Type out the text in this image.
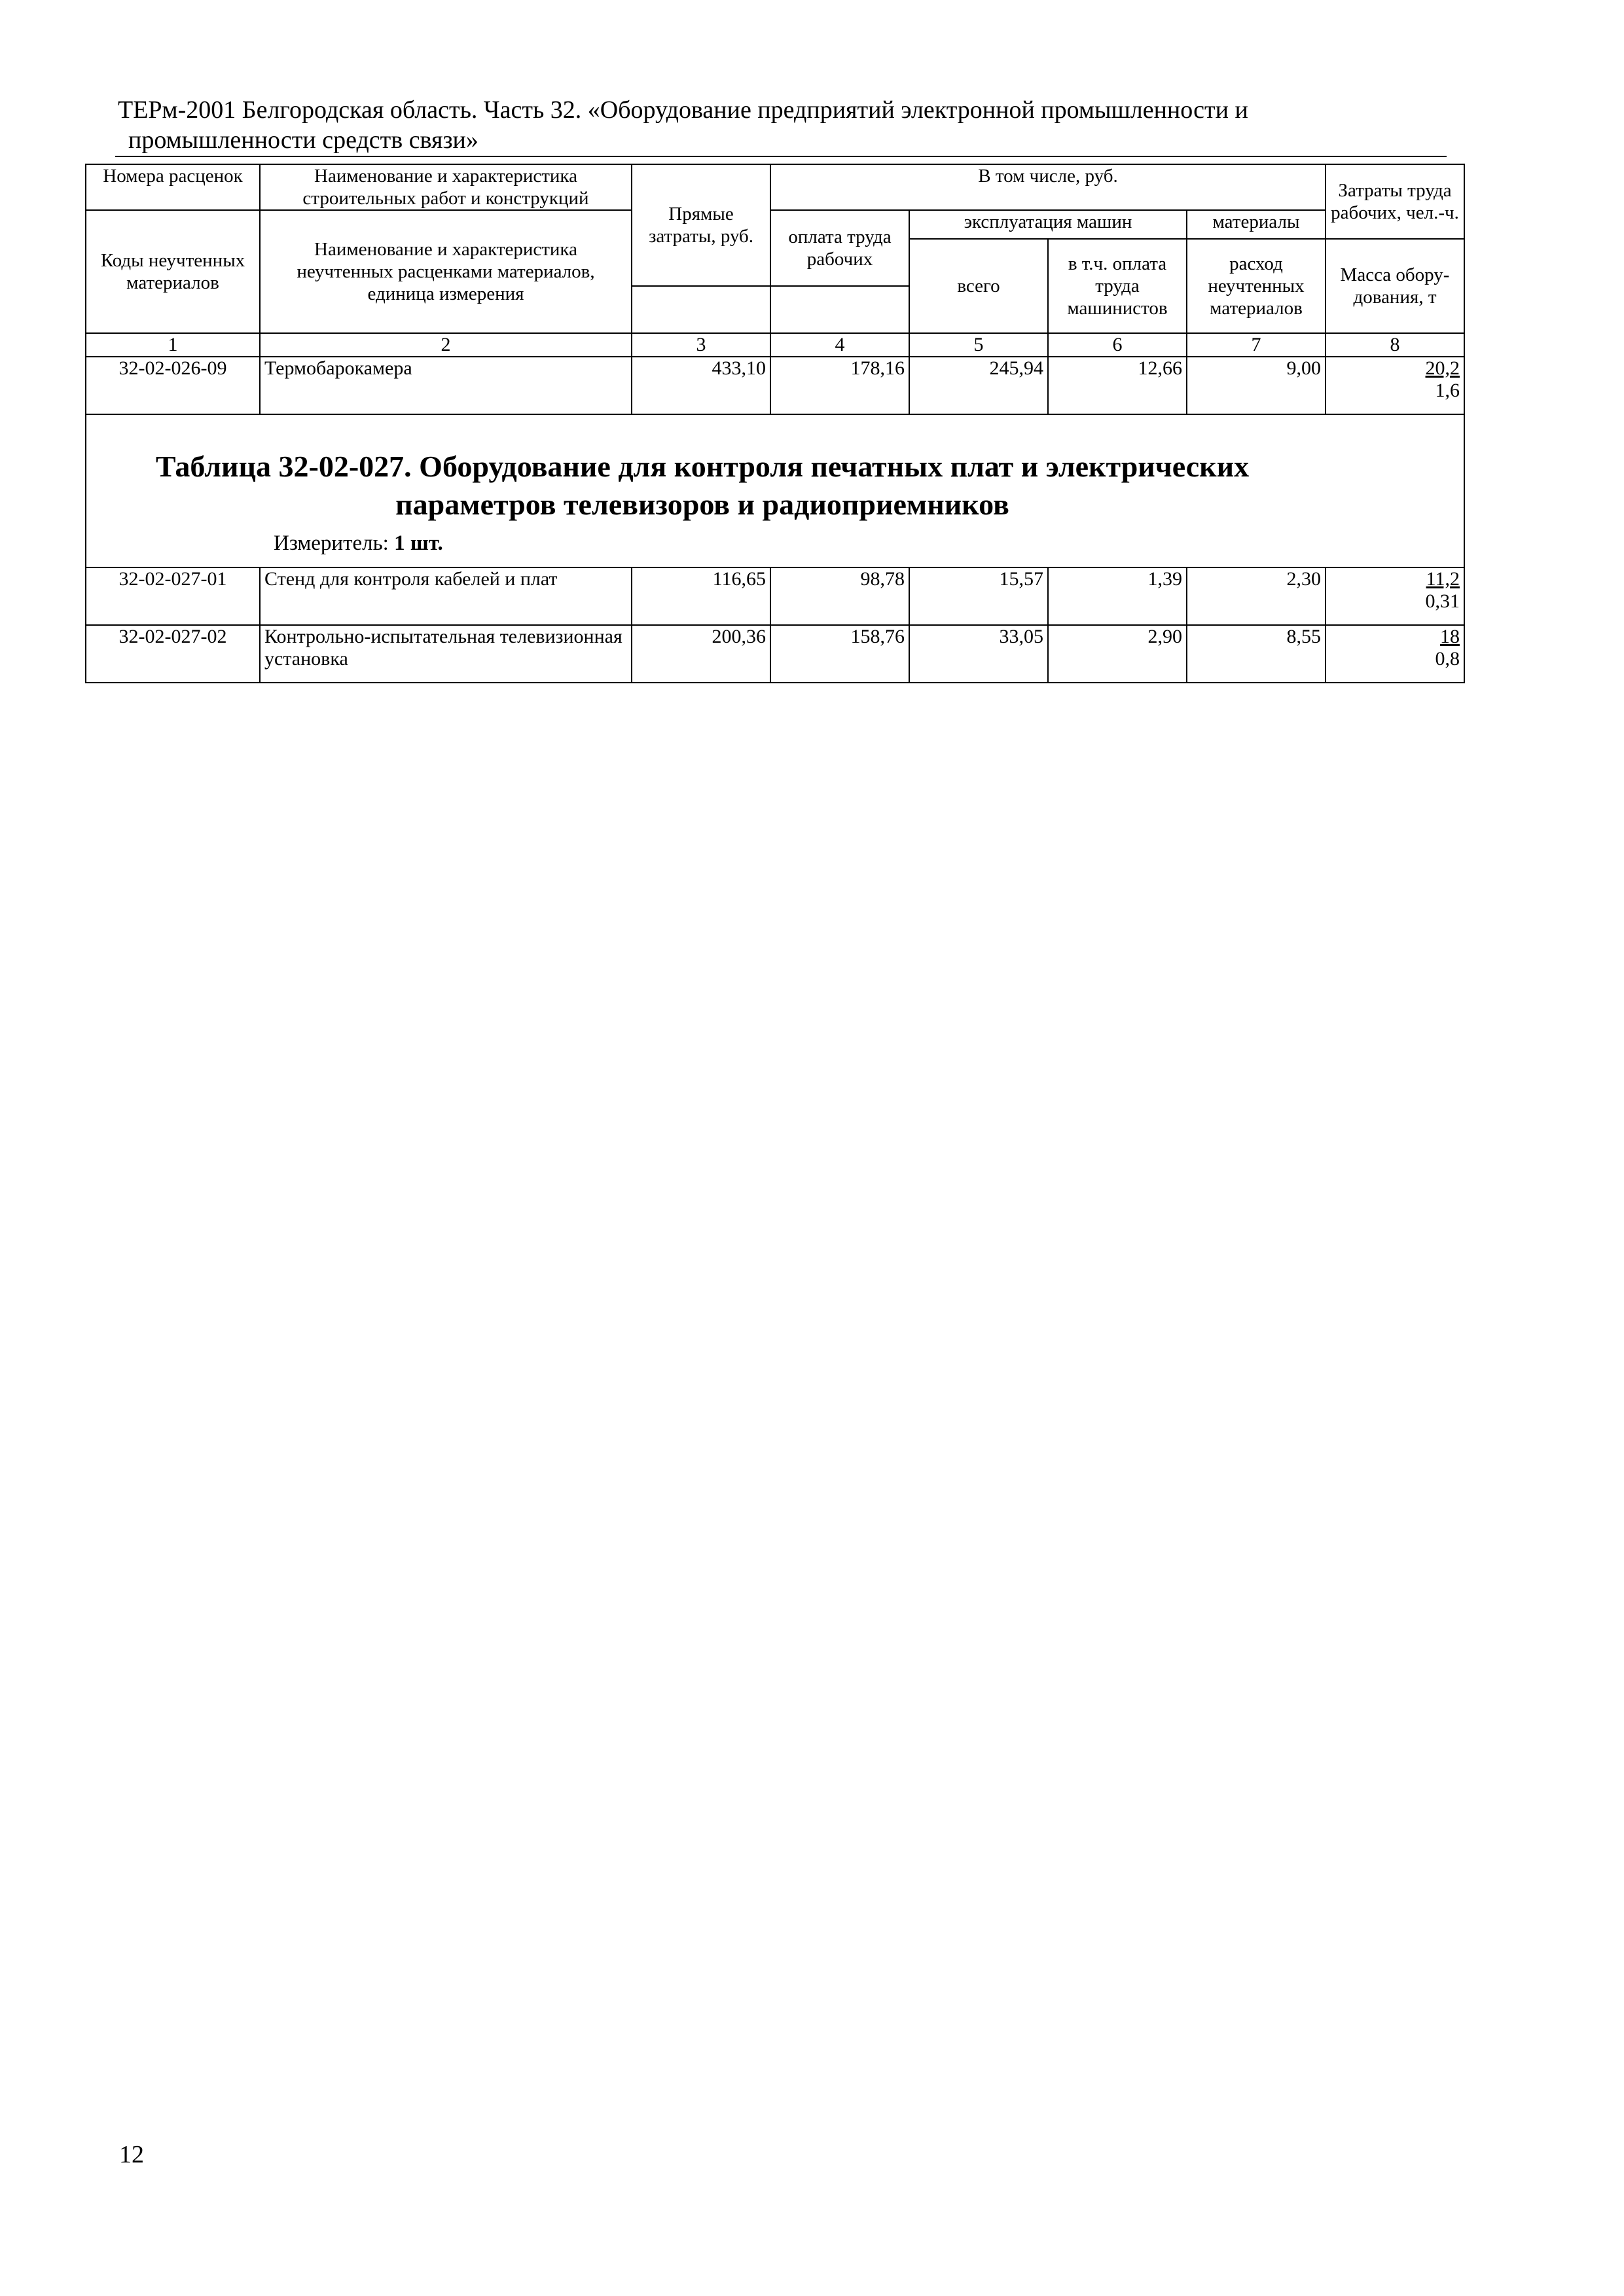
ТЕРм-2001 Белгородская область. Часть 32. «Оборудование предприятий электронной промышленности и
промышленности средств связи»
Номера расценок	Наименование и характеристика строительных работ и конструкций	Прямые затраты, руб.	В том числе, руб.				Затраты труда рабочих, чел.-ч.
Коды неучтенных материалов	Наименование и характеристика неучтенных расценками материалов, единица измерения		оплата труда рабочих	эксплуатация машин		материалы	
				всего	в т.ч. оплата труда машинистов	расход неучтенных материалов	Масса обору-дования, т

1	2	3	4	5	6	7	8
32-02-026-09	Термобарокамера	433,10	178,16	245,94	12,66	9,00	20,2
1,6

Таблица 32-02-027. Оборудование для контроля печатных плат и электрических
параметров телевизоров и радиоприемников
Измеритель: 1 шт.							

32-02-027-01	Стенд для контроля кабелей и плат	116,65	98,78	15,57	1,39	2,30	11,2
0,31

32-02-027-02	Контрольно-испытательная телевизионная установка	200,36	158,76	33,05	2,90	8,55	18
0,8
12
